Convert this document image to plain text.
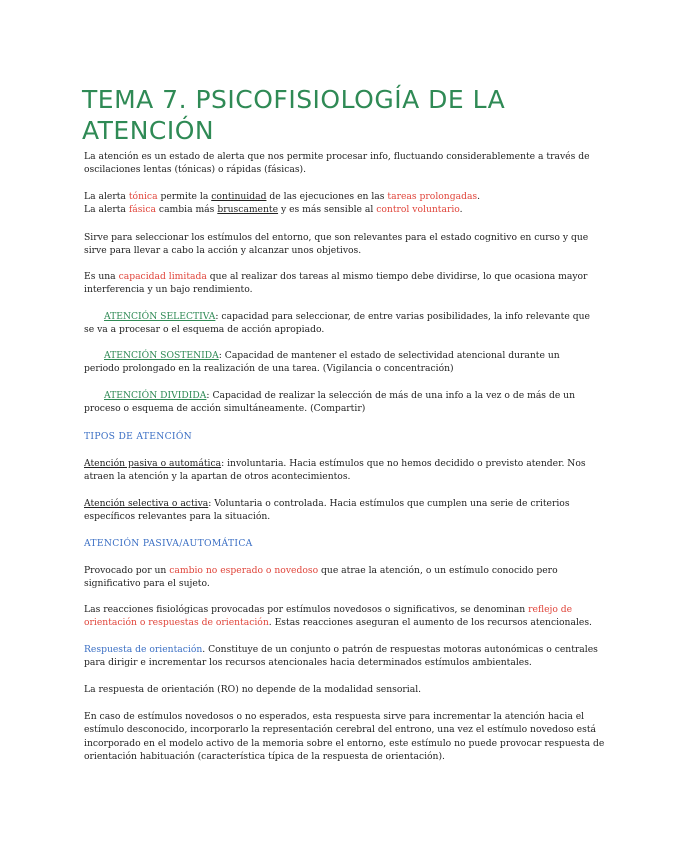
TEMA 7. PSICOFISIOLOGÍA DE LA
ATENCIÓN

La atención es un estado de alerta que nos permite procesar info, fluctuando considerablemente a través de
oscilaciones lentas (tónicas) o rápidas (fásicas).

La alerta tónica permite la continuidad de las ejecuciones en las tareas prolongadas.
La alerta fásica cambia más bruscamente y es más sensible al control voluntario.

Sirve para seleccionar los estímulos del entorno, que son relevantes para el estado cognitivo en curso y que
sirve para llevar a cabo la acción y alcanzar unos objetivos.

Es una capacidad limitada que al realizar dos tareas al mismo tiempo debe dividirse, lo que ocasiona mayor
interferencia y un bajo rendimiento.

ATENCIÓN SELECTIVA: capacidad para seleccionar, de entre varias posibilidades, la info relevante que
se va a procesar o el esquema de acción apropiado.

ATENCIÓN SOSTENIDA: Capacidad de mantener el estado de selectividad atencional durante un
periodo prolongado en la realización de una tarea. (Vigilancia o concentración)

ATENCIÓN DIVIDIDA: Capacidad de realizar la selección de más de una info a la vez o de más de un
proceso o esquema de acción simultáneamente. (Compartir)

TIPOS DE ATENCIÓN

Atención pasiva o automática: involuntaria. Hacia estímulos que no hemos decidido o previsto atender. Nos
atraen la atención y la apartan de otros acontecimientos.

Atención selectiva o activa: Voluntaria o controlada. Hacia estímulos que cumplen una serie de criterios
específicos relevantes para la situación.

ATENCIÓN PASIVA/AUTOMÁTICA

Provocado por un cambio no esperado o novedoso que atrae la atención, o un estímulo conocido pero
significativo para el sujeto.

Las reacciones fisiológicas provocadas por estímulos novedosos o significativos, se denominan reflejo de
orientación o respuestas de orientación. Estas reacciones aseguran el aumento de los recursos atencionales.

Respuesta de orientación. Constituye de un conjunto o patrón de respuestas motoras autonómicas o centrales
para dirigir e incrementar los recursos atencionales hacia determinados estímulos ambientales.

La respuesta de orientación (RO) no depende de la modalidad sensorial.

En caso de estímulos novedosos o no esperados, esta respuesta sirve para incrementar la atención hacia el
estímulo desconocido, incorporarlo la representación cerebral del entrono, una vez el estímulo novedoso está
incorporado en el modelo activo de la memoria sobre el entorno, este estímulo no puede provocar respuesta de
orientación habituación (característica típica de la respuesta de orientación).
